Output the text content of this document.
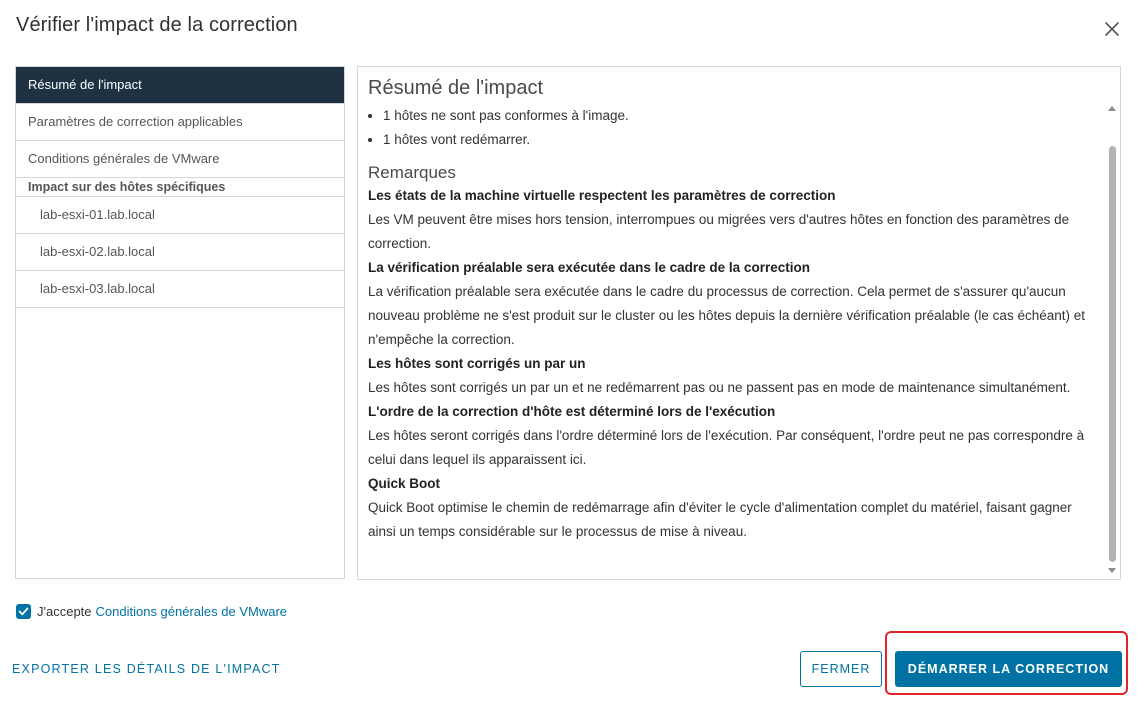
Vérifier l'impact de la correction
Résumé de l'impact
Paramètres de correction applicables
Conditions générales de VMware
Impact sur des hôtes spécifiques
lab-esxi-01.lab.local
lab-esxi-02.lab.local
lab-esxi-03.lab.local
Résumé de l'impact
• 1 hôtes ne sont pas conformes à l'image.
• 1 hôtes vont redémarrer.
Remarques
Les états de la machine virtuelle respectent les paramètres de correction
Les VM peuvent être mises hors tension, interrompues ou migrées vers d'autres hôtes en fonction des paramètres de correction.
La vérification préalable sera exécutée dans le cadre de la correction
La vérification préalable sera exécutée dans le cadre du processus de correction. Cela permet de s'assurer qu'aucun nouveau problème ne s'est produit sur le cluster ou les hôtes depuis la dernière vérification préalable (le cas échéant) et n'empêche la correction.
Les hôtes sont corrigés un par un
Les hôtes sont corrigés un par un et ne redémarrent pas ou ne passent pas en mode de maintenance simultanément.
L'ordre de la correction d'hôte est déterminé lors de l'exécution
Les hôtes seront corrigés dans l'ordre déterminé lors de l'exécution. Par conséquent, l'ordre peut ne pas correspondre à celui dans lequel ils apparaissent ici.
Quick Boot
Quick Boot optimise le chemin de redémarrage afin d'éviter le cycle d'alimentation complet du matériel, faisant gagner ainsi un temps considérable sur le processus de mise à niveau.
J'accepte Conditions générales de VMware
EXPORTER LES DÉTAILS DE L'IMPACT	FERMER	DÉMARRER LA CORRECTION
